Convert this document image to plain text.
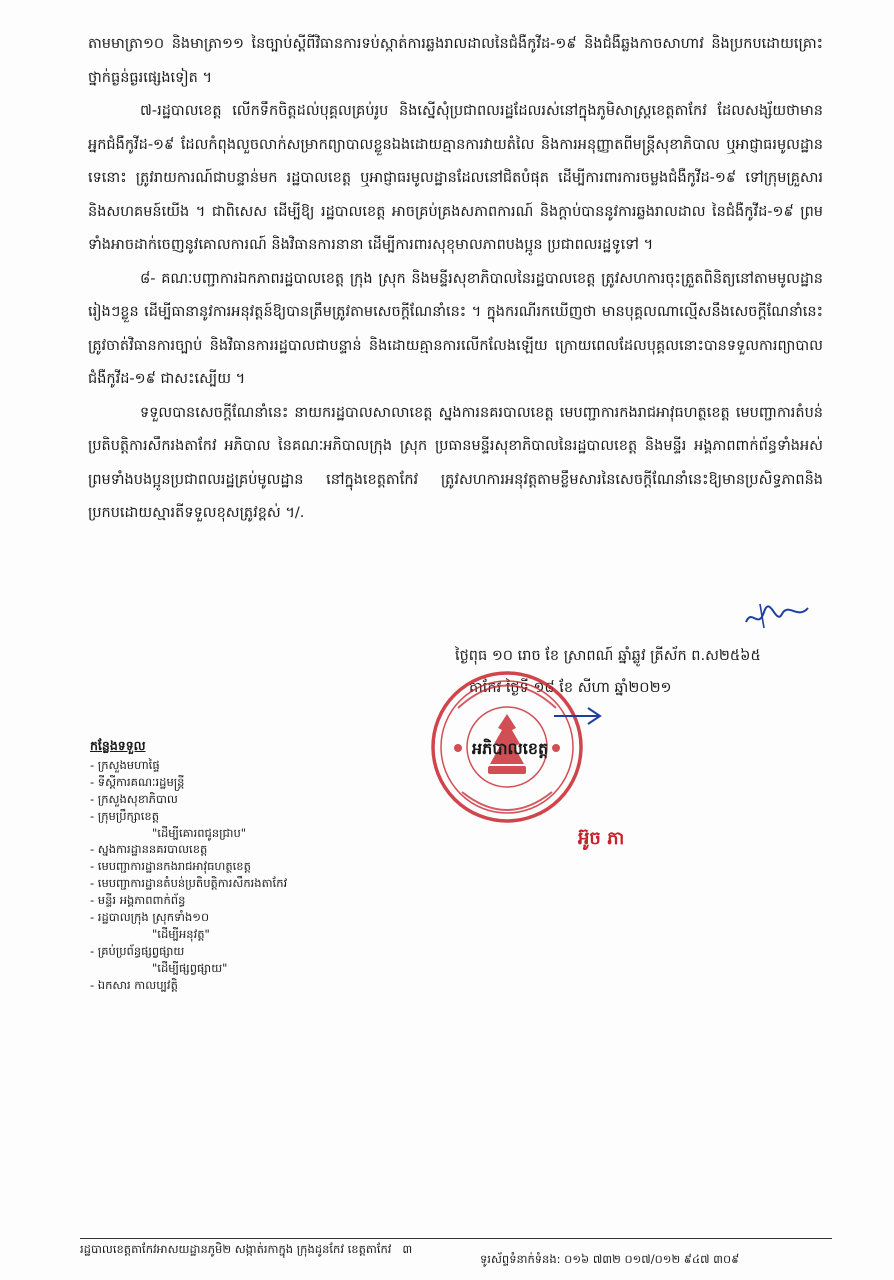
តាមមាត្រា១០ និងមាត្រា១១ នៃច្បាប់ស្តីពីវិធានការទប់ស្កាត់ការឆ្លងរាលដាលនៃជំងឺកូវីដ-១៩ និងជំងឺឆ្លងកាចសាហាវ និងប្រកបដោយគ្រោះថ្នាក់ធ្ងន់ធ្ងរផ្សេងទៀត ។

៧-រដ្ឋបាលខេត្ត លើកទឹកចិត្តដល់បុគ្គលគ្រប់រូប និងស្នើសុំប្រជាពលរដ្ឋដែលរស់នៅក្នុងភូមិសាស្រ្តខេត្តតាកែវ ដែលសង្ស័យថាមានអ្នកជំងឺកូវីដ-១៩ ដែលកំពុងលួចលាក់សម្រាកព្យាបាលខ្លួនឯងដោយគ្មានការវាយតំលៃ និងការអនុញ្ញាតពីមន្រ្តីសុខាភិបាល ឬអាជ្ញាធរមូលដ្ឋានទេនោះ ត្រូវរាយការណ៍ជាបន្ទាន់មក រដ្ឋបាលខេត្ត ឬអាជ្ញាធរមូលដ្ឋានដែលនៅជិតបំផុត ដើម្បីការពារការចម្លងជំងឺកូវីដ-១៩ ទៅក្រុមគ្រួសារ និងសហគមន៍យើង ។ ជាពិសេស ដើម្បីឱ្យ រដ្ឋបាលខេត្ត អាចគ្រប់គ្រងសភាពការណ៍ និងក្តាប់បាននូវការឆ្លងរាលដាល នៃជំងឺកូវីដ-១៩ ព្រមទាំងអាចដាក់ចេញនូវគោលការណ៍ និងវិធានការនានា ដើម្បីការពារសុខុមាលភាពបងប្អូន ប្រជាពលរដ្ឋទូទៅ ។

៨- គណៈបញ្ជាការឯកភាពរដ្ឋបាលខេត្ត ក្រុង ស្រុក និងមន្ទីរសុខាភិបាលនៃរដ្ឋបាលខេត្ត ត្រូវសហការចុះត្រួតពិនិត្យនៅតាមមូលដ្ឋានរៀងៗខ្លួន ដើម្បីធានានូវការអនុវត្តន៍ឱ្យបានត្រឹមត្រូវតាមសេចក្តីណែនាំនេះ ។ ក្នុងករណីរកឃើញថា មានបុគ្គលណាល្មើសនឹងសេចក្តីណែនាំនេះ ត្រូវចាត់វិធានការច្បាប់ និងវិធានការរដ្ឋបាលជាបន្ទាន់ និងដោយគ្មានការលើកលែងឡើយ ក្រោយពេលដែលបុគ្គលនោះបានទទួលការព្យាបាលជំងឺកូវីដ-១៩ ជាសះស្បើយ ។

ទទួលបានសេចក្តីណែនាំនេះ នាយករដ្ឋបាលសាលាខេត្ត ស្នងការនគរបាលខេត្ត មេបញ្ជាការកងរាជអាវុធហត្ថខេត្ត មេបញ្ជាការតំបន់ប្រតិបត្តិការសឹករងតាកែវ អភិបាល នៃគណៈអភិបាលក្រុង ស្រុក ប្រធានមន្ទីរសុខាភិបាលនៃរដ្ឋបាលខេត្ត និងមន្ទីរ អង្គភាពពាក់ព័ន្ធទាំងអស់ ព្រមទាំងបងប្អូនប្រជាពលរដ្ឋគ្រប់មូលដ្ឋាន នៅក្នុងខេត្តតាកែវ ត្រូវសហការអនុវត្តតាមខ្លឹមសារនៃសេចក្តីណែនាំនេះឱ្យមានប្រសិទ្ធភាពនិងប្រកបដោយស្មារតីទទួលខុសត្រូវខ្ពស់ ។/.

ថ្ងៃពុធ ១០ រោច ខែ ស្រាពណ៍ ឆ្នាំឆ្លូវ ត្រីស័ក ព.ស២៥៦៥
តាកែវ ថ្ងៃទី ១៨ ខែ សីហា ឆ្នាំ២០២១
អភិបាលខេត្ត
អ៊ូច ភា
កន្លែងទទួល
- ក្រសួងមហាផ្ទៃ
- ទីស្តីការគណៈរដ្ឋមន្ត្រី
- ក្រសួងសុខាភិបាល
- ក្រុមប្រឹក្សាខេត្ត
"ដើម្បីគោរពជូនជ្រាប"
- ស្នងការដ្ឋាននគរបាលខេត្ត
- មេបញ្ជាការដ្ឋានកងរាជអាវុធហត្ថខេត្ត
- មេបញ្ជាការដ្ឋានតំបន់ប្រតិបត្តិការសឹករងតាកែវ
- មន្ទីរ អង្គភាពពាក់ព័ន្ធ
- រដ្ឋបាលក្រុង ស្រុកទាំង១០
"ដើម្បីអនុវត្ត"
- គ្រប់ប្រព័ន្ធផ្សព្វផ្សាយ
"ដើម្បីផ្សព្វផ្សាយ"
- ឯកសារ កាលប្បវត្តិ
រដ្ឋបាលខេត្តតាកែវអាសយដ្ឋានភូមិ២ សង្កាត់រកាក្នុង ក្រុងដូនកែវ ខេត្តតាកែវ ៣
ទូរស័ព្ទទំនាក់ទំនង: ០១៦ ៧៣២ ០១៧/០១២ ៩៤៧ ៣០៩
